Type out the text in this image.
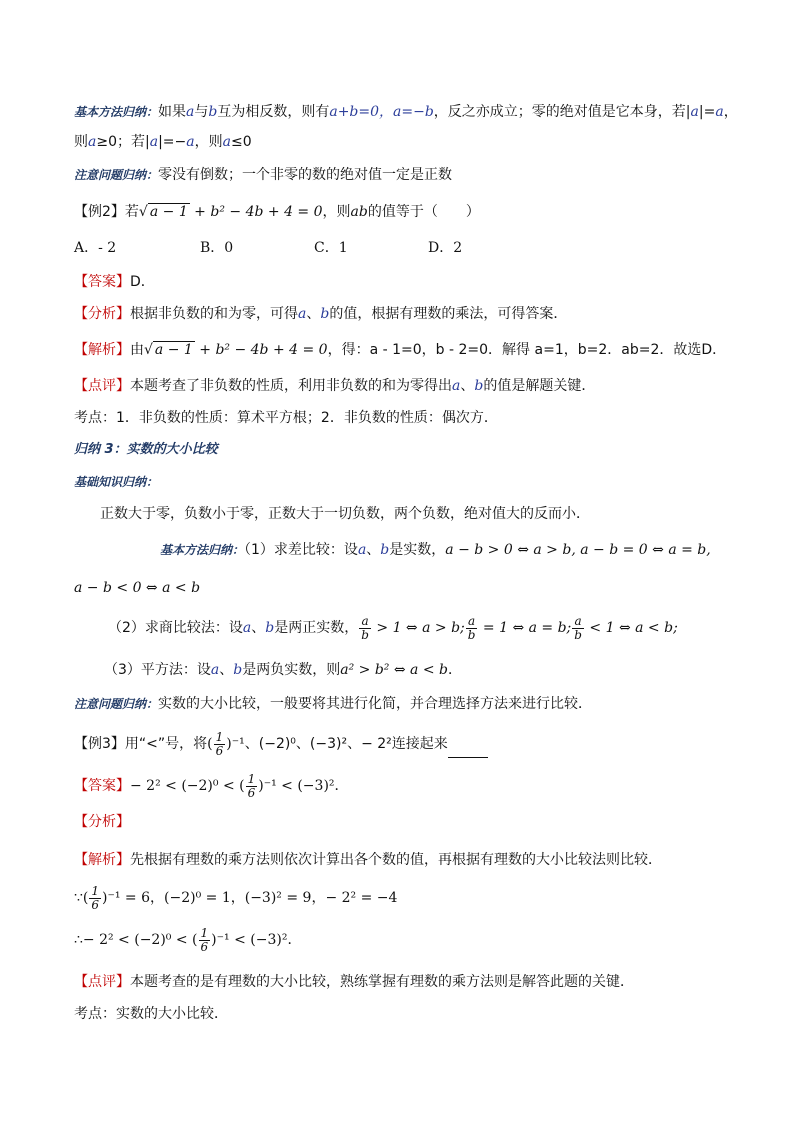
基本方法归纳：如果a与b互为相反数，则有a+b=0，a=−b，反之亦成立；零的绝对值是它本身，若|a|=a，
则a≥0；若|a|=−a，则a≤0
注意问题归纳：零没有倒数；一个非零的数的绝对值一定是正数
【例2】若√ a − 1 + b² − 4b + 4 = 0，则ab的值等于（　　）
A．- 2	B．0	C．1	D．2
【答案】D．
【分析】根据非负数的和为零，可得a、b的值，根据有理数的乘法，可得答案．
【解析】由√ a − 1 + b² − 4b + 4 = 0，得：a - 1=0，b - 2=0．解得 a=1，b=2．ab=2．故选D．
【点评】本题考查了非负数的性质，利用非负数的和为零得出a、b的值是解题关键．
考点：1．非负数的性质：算术平方根；2．非负数的性质：偶次方．
归纳 3：实数的大小比较
基础知识归纳：
正数大于零，负数小于零，正数大于一切负数，两个负数，绝对值大的反而小．
基本方法归纳：（1）求差比较：设a、b是实数，a − b > 0 ⇔ a > b, a − b = 0 ⇔ a = b,
a − b < 0 ⇔ a < b
（2）求商比较法：设a、b是两正实数， $\frac{a}{b} > 1$ ⇔ a > b; $\frac{a}{b} = 1$ ⇔ a = b; $\frac{a}{b} < 1$ ⇔ a < b;
（3）平方法：设a、b是两负实数，则a² > b² ⇔ a < b．
注意问题归纳：实数的大小比较，一般要将其进行化简，并合理选择方法来进行比较．
【例3】用“<”号，将( $\frac{1}{6} )^{-1}$、(−2)⁰、(−3)²、− 2²连接起来
【答案】− 2² < (−2)⁰ < ( $\frac{1}{6} )^{-1} < (-3)^2$．
【分析】
【解析】先根据有理数的乘方法则依次计算出各个数的值，再根据有理数的大小比较法则比较．
∵( $\frac{1}{6} )^{-1} = 6$，(−2)⁰ = 1，(−3)² = 9，− 2² = −4
∴− 2² < (−2)⁰ < ( $\frac{1}{6} )^{-1} < (-3)^2$．
【点评】本题考查的是有理数的大小比较，熟练掌握有理数的乘方法则是解答此题的关键．
考点：实数的大小比较．
